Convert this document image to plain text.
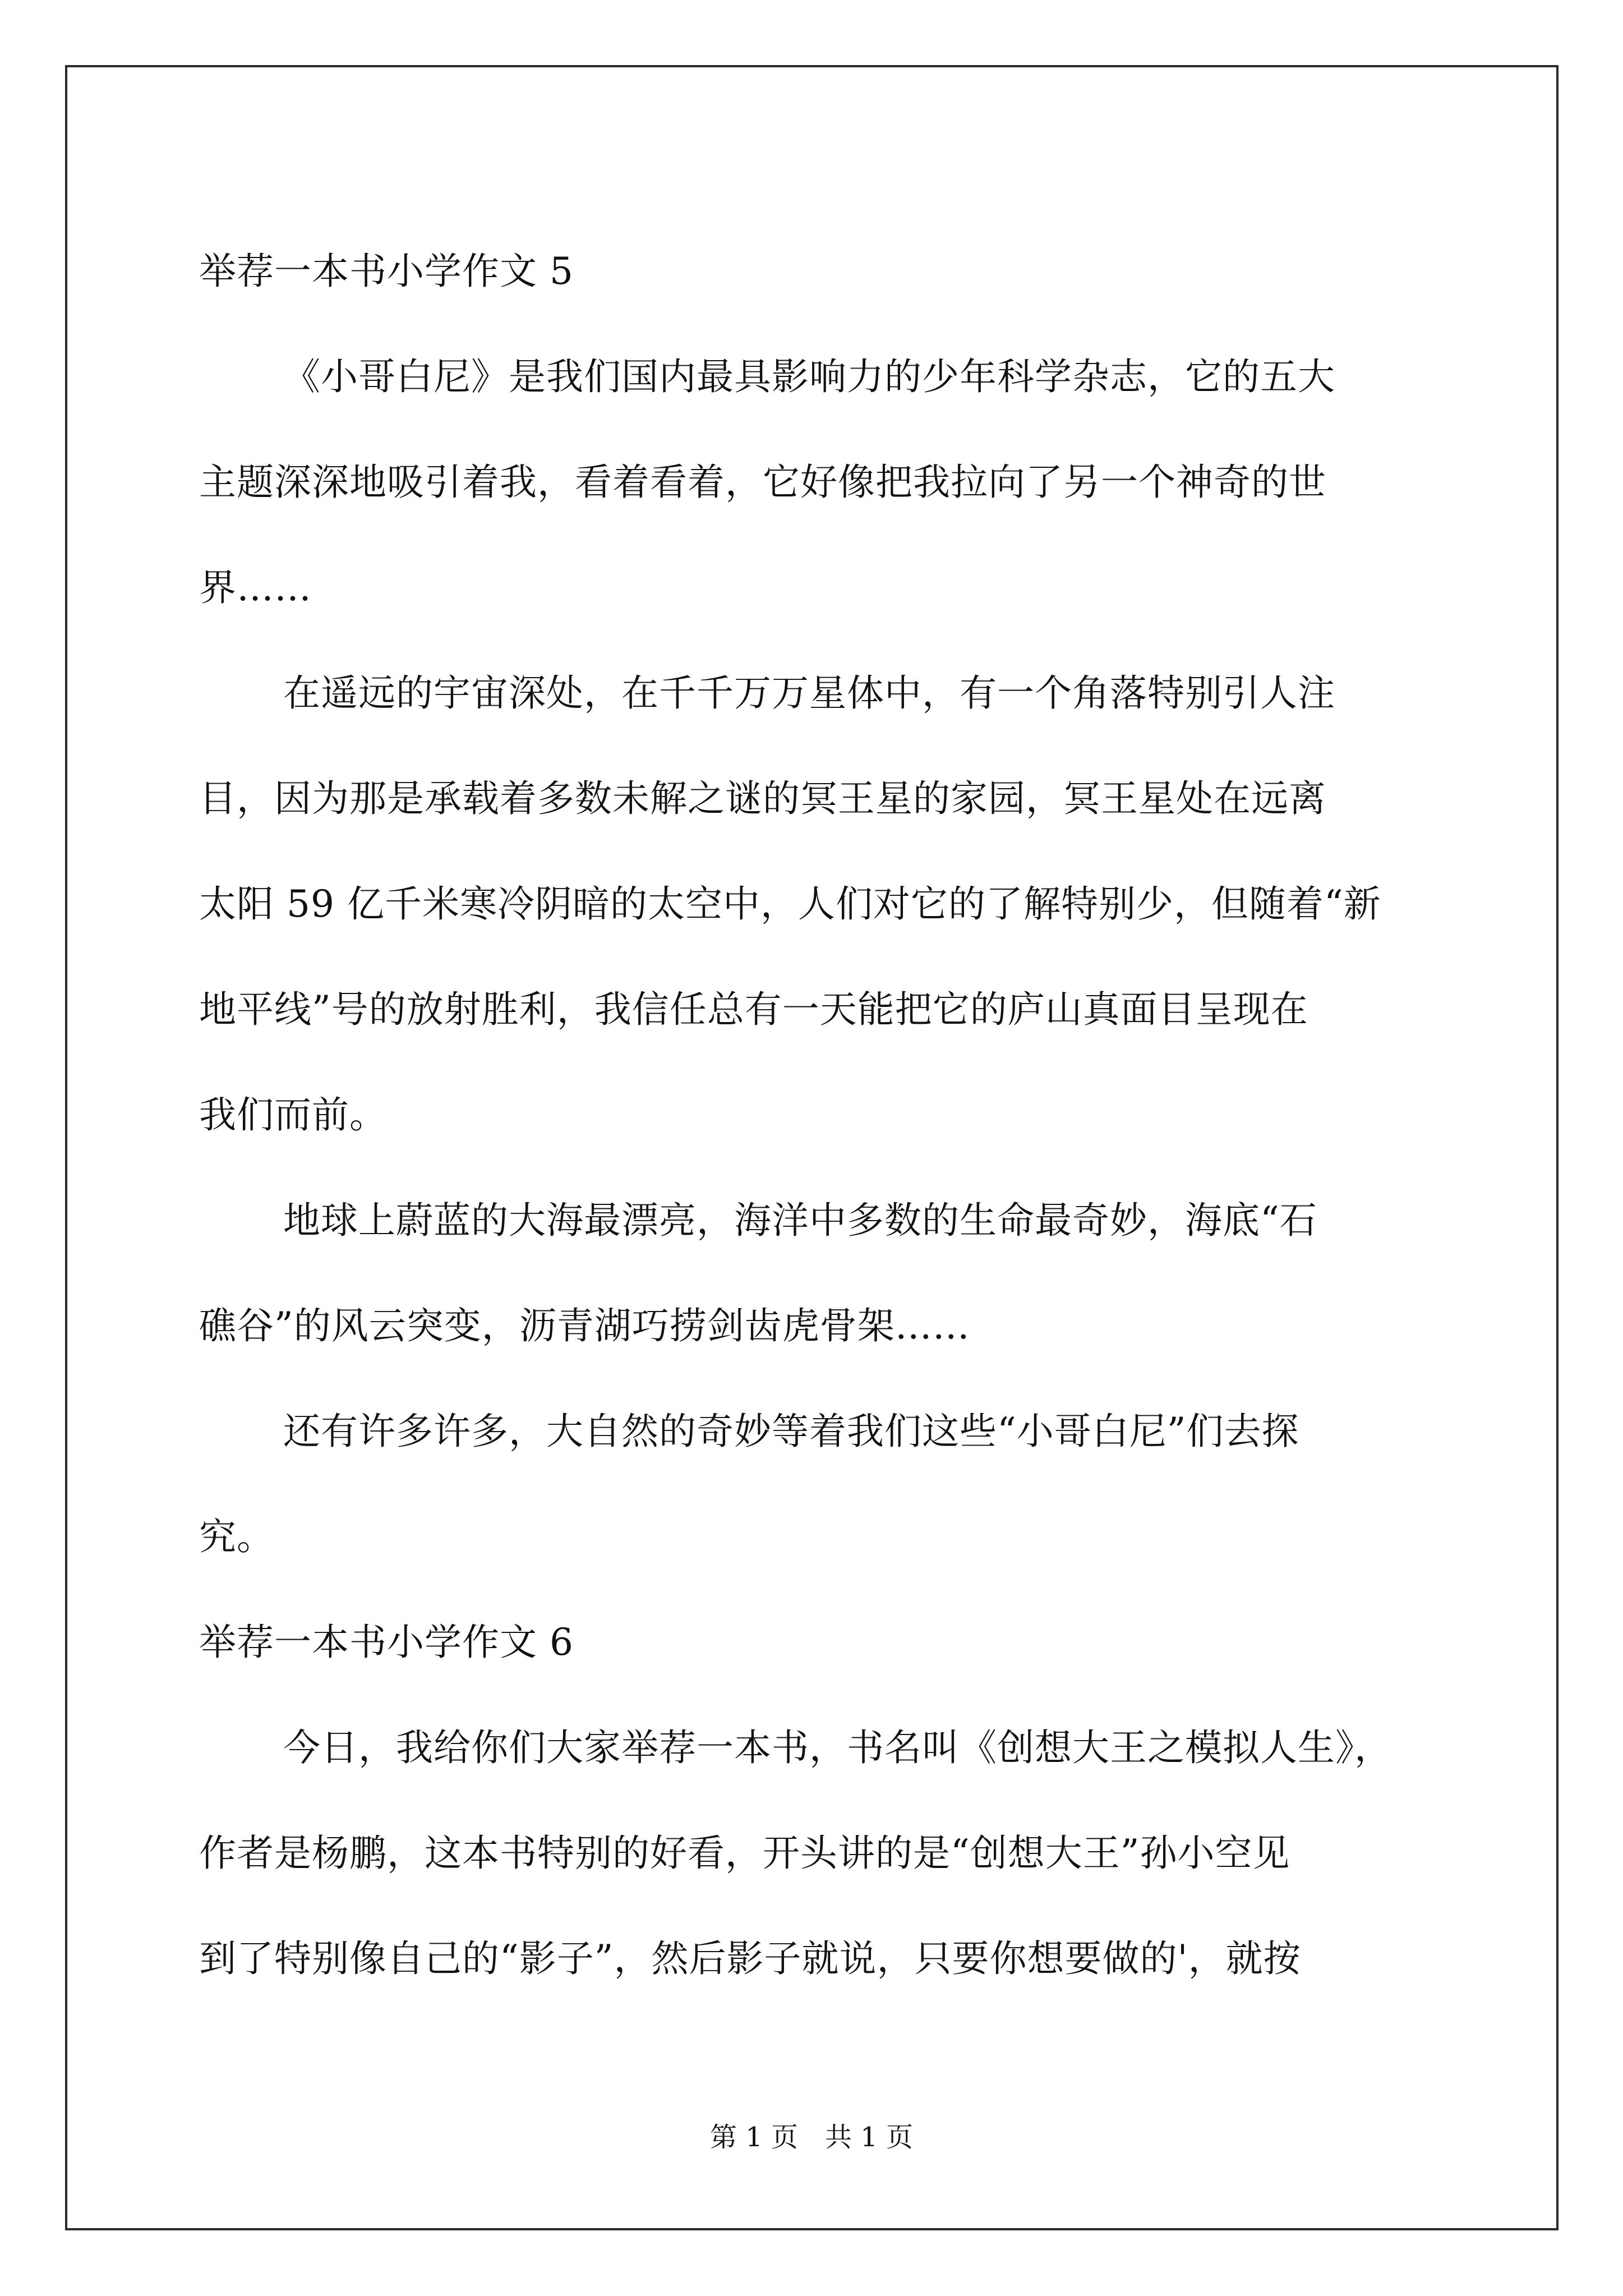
举荐一本书小学作文 5
《小哥白尼》是我们国内最具影响力的少年科学杂志，它的五大
主题深深地吸引着我，看着看着，它好像把我拉向了另一个神奇的世
界……
在遥远的宇宙深处，在千千万万星体中，有一个角落特别引人注
目，因为那是承载着多数未解之谜的冥王星的家园，冥王星处在远离
太阳 59 亿千米寒冷阴暗的太空中，人们对它的了解特别少，但随着“新
地平线”号的放射胜利，我信任总有一天能把它的庐山真面目呈现在
我们而前。
地球上蔚蓝的大海最漂亮，海洋中多数的生命最奇妙，海底“石
礁谷”的风云突变，沥青湖巧捞剑齿虎骨架……
还有许多许多，大自然的奇妙等着我们这些“小哥白尼”们去探
究。
举荐一本书小学作文 6
今日，我给你们大家举荐一本书，书名叫《创想大王之模拟人生》，
作者是杨鹏，这本书特别的好看，开头讲的是“创想大王”孙小空见
到了特别像自己的“影子”，然后影子就说，只要你想要做的'，就按
第 1 页　共 1 页
